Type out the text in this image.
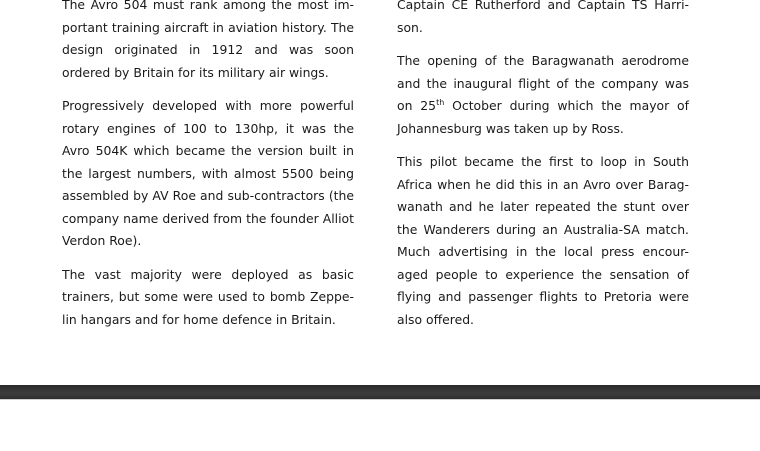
The Avro 504 must rank among the most im-portant training aircraft in aviation history. The design originated in 1912 and was soon ordered by Britain for its military air wings.

Progressively developed with more powerful rotary engines of 100 to 130hp, it was the Avro 504K which became the version built in the largest numbers, with almost 5500 being assembled by AV Roe and sub-contractors (the company name derived from the founder Alliot Verdon Roe).

The vast majority were deployed as basic trainers, but some were used to bomb Zeppe-lin hangars and for home defence in Britain.

Captain CE Rutherford and Captain TS Harri-son.

The opening of the Baragwanath aerodrome and the inaugural flight of the company was on 25th October during which the mayor of Johannesburg was taken up by Ross.

This pilot became the first to loop in South Africa when he did this in an Avro over Barag-wanath and he later repeated the stunt over the Wanderers during an Australia-SA match. Much advertising in the local press encour-aged people to experience the sensation of flying and passenger flights to Pretoria were also offered.
